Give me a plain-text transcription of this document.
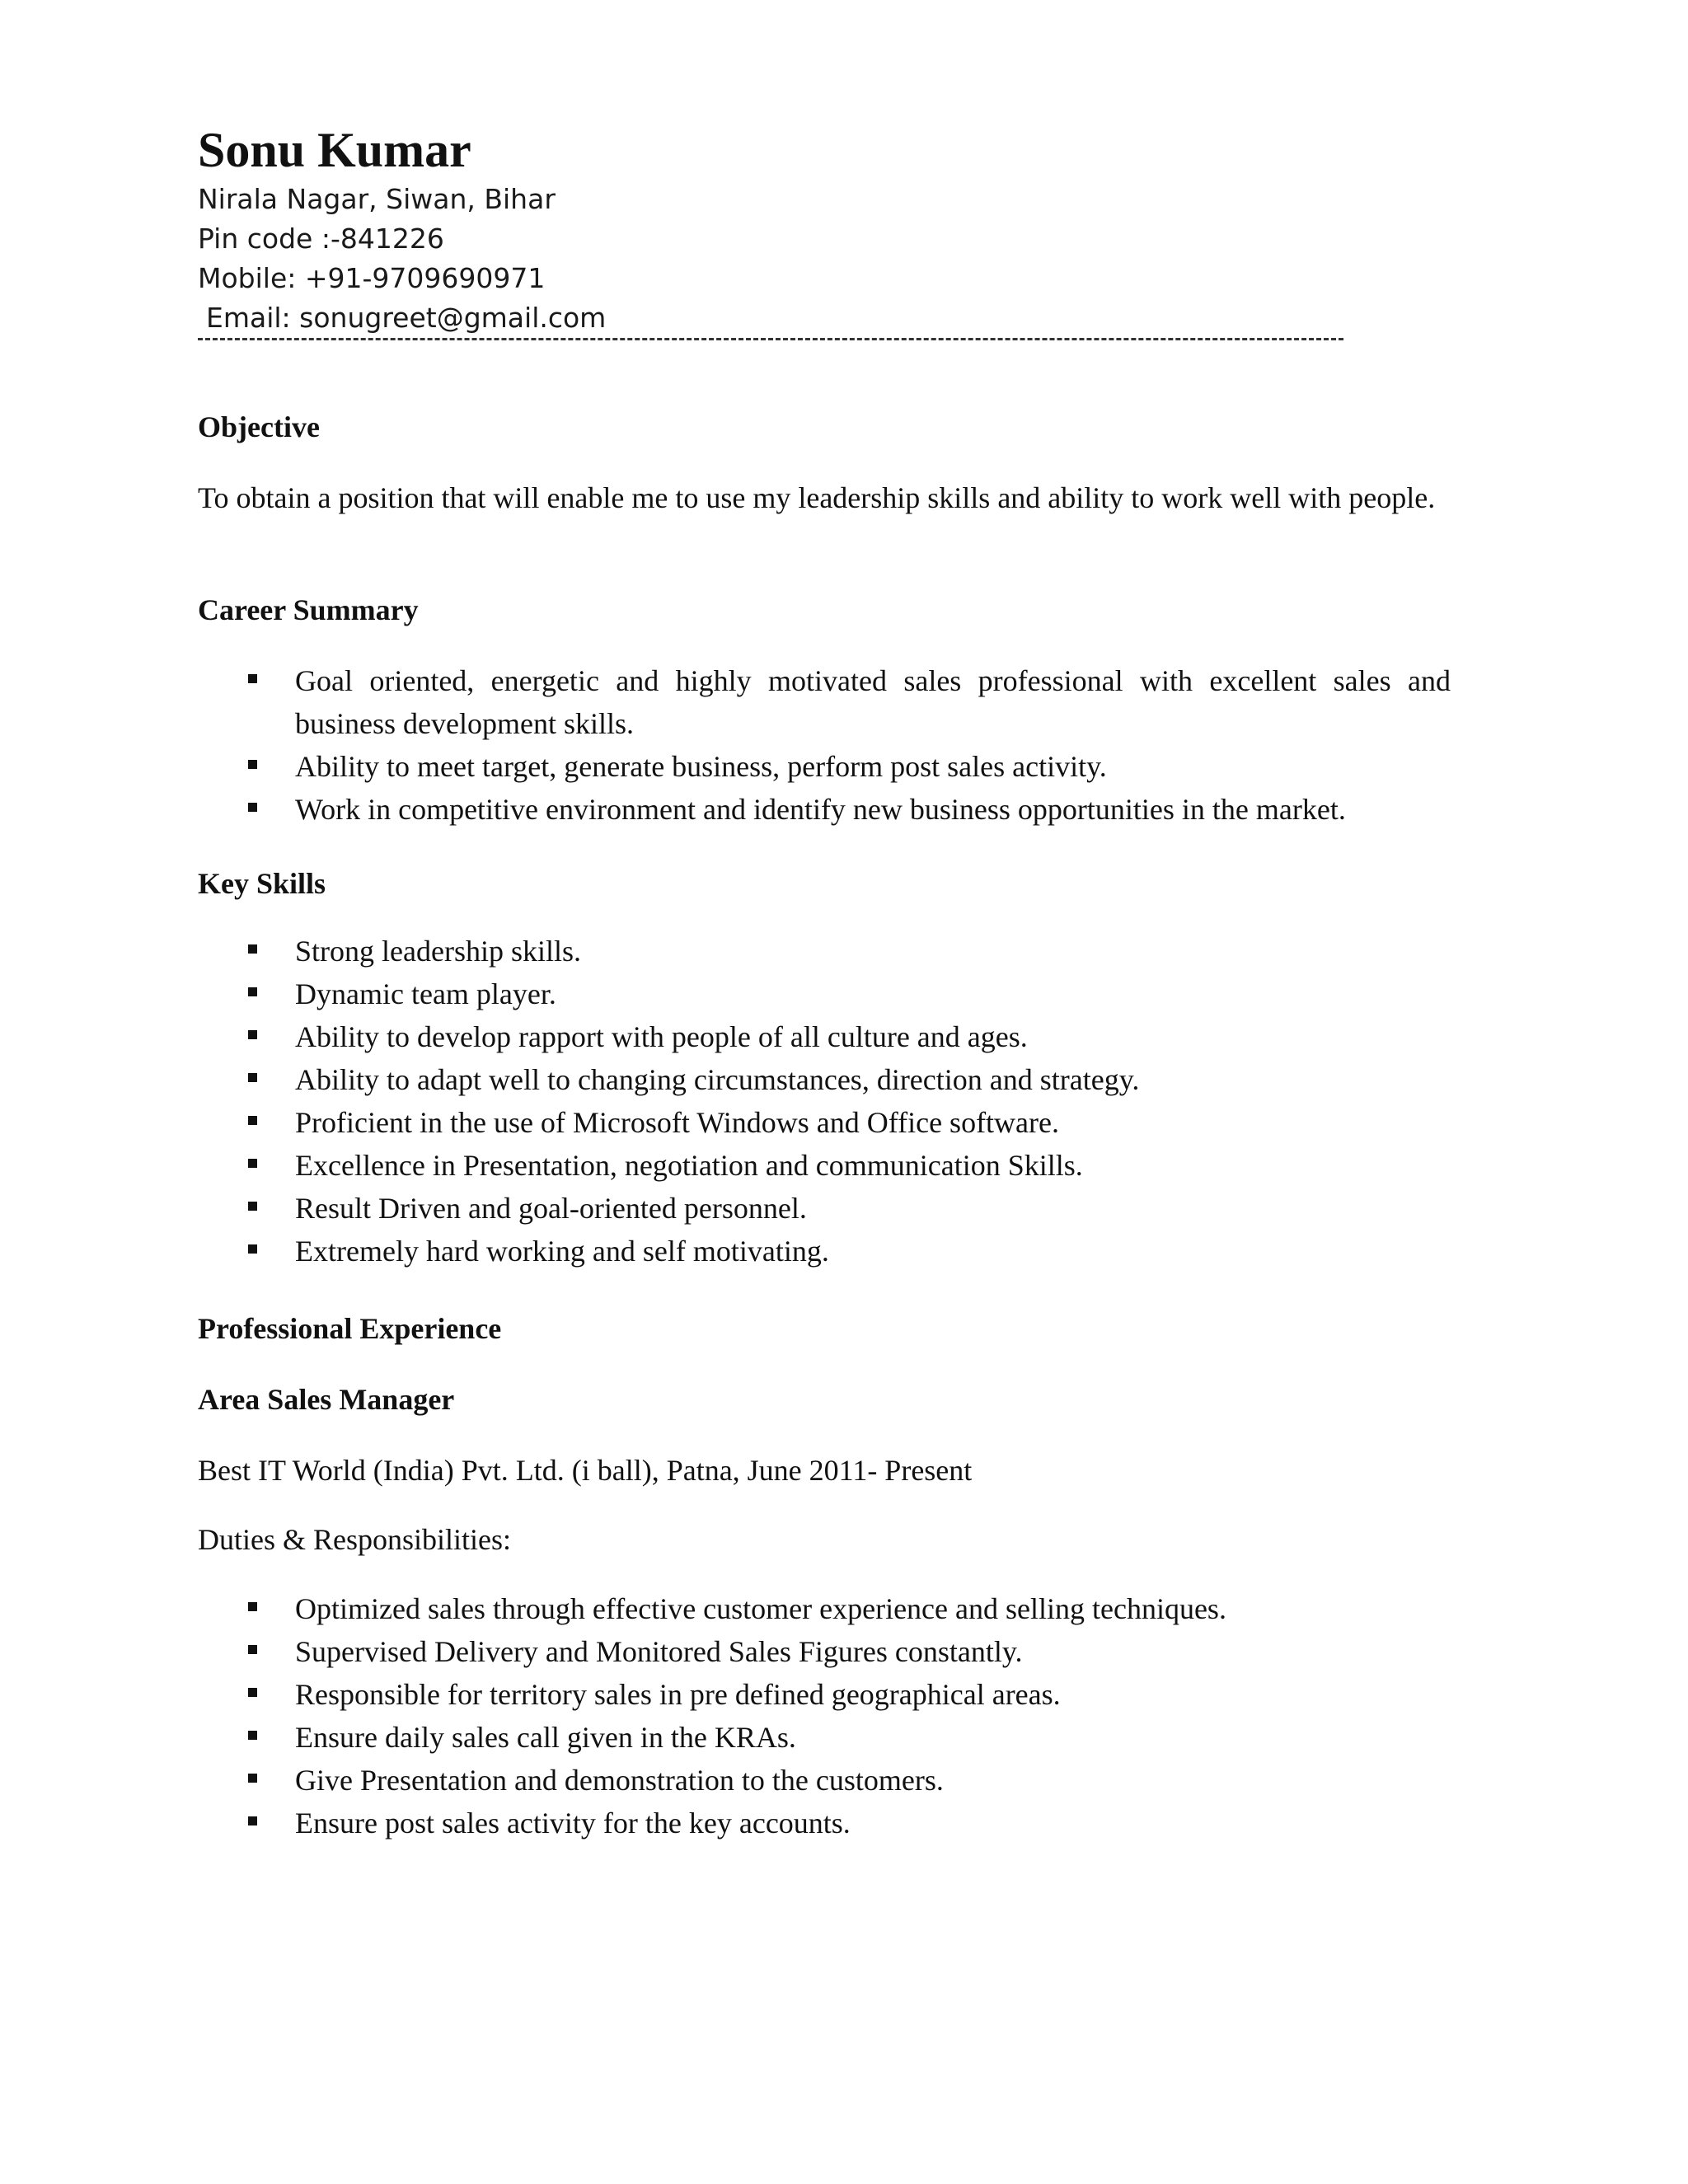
Sonu Kumar
Nirala Nagar, Siwan, Bihar
Pin code :-841226
Mobile: +91-9709690971
Email: sonugreet@gmail.com
Objective

To obtain a position that will enable me to use my leadership skills and ability to work well with people.

Career Summary
Goal oriented, energetic and highly motivated sales professional with excellent sales and business development skills.
Ability to meet target, generate business, perform post sales activity.
Work in competitive environment and identify new business opportunities in the market.
Key Skills
Strong leadership skills.
Dynamic team player.
Ability to develop rapport with people of all culture and ages.
Ability to adapt well to changing circumstances, direction and strategy.
Proficient in the use of Microsoft Windows and Office software.
Excellence in Presentation, negotiation and communication Skills.
Result Driven and goal-oriented personnel.
Extremely hard working and self motivating.
Professional Experience
Area Sales Manager

Best IT World (India) Pvt. Ltd. (i ball), Patna, June 2011- Present

Duties & Responsibilities:

Optimized sales through effective customer experience and selling techniques.
Supervised Delivery and Monitored Sales Figures constantly.
Responsible for territory sales in pre defined geographical areas.
Ensure daily sales call given in the KRAs.
Give Presentation and demonstration to the customers.
Ensure post sales activity for the key accounts.
